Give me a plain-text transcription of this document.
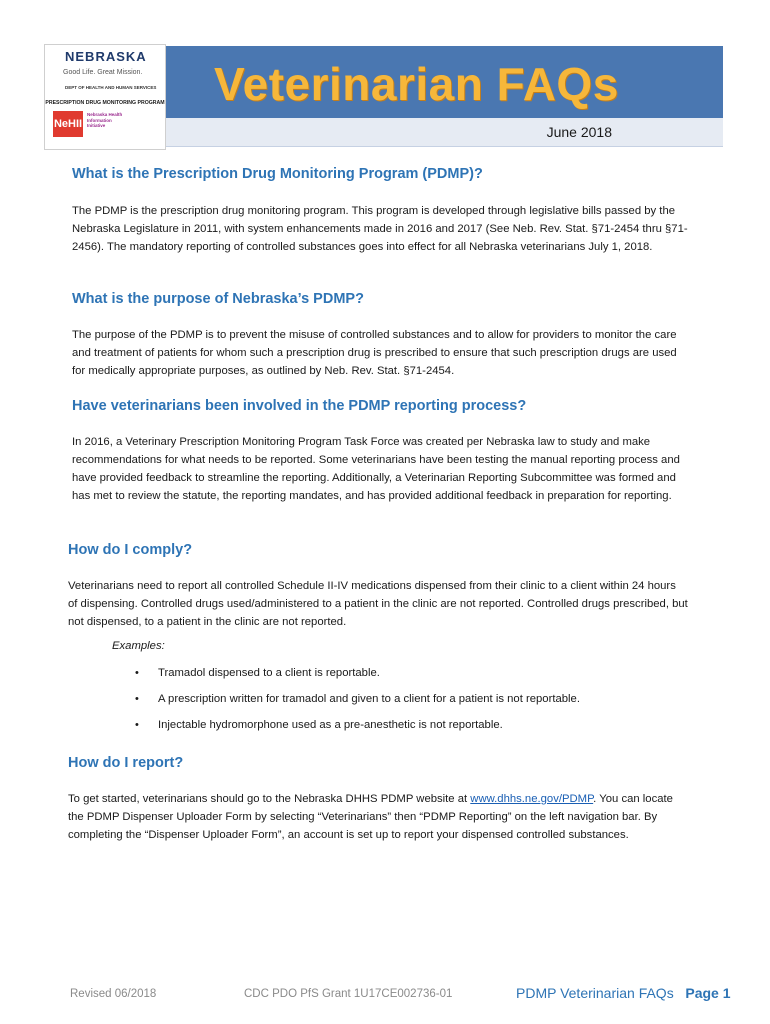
NEBRASKA
Good Life. Great Mission.
DEPT OF HEALTH AND HUMAN SERVICES
PRESCRIPTION DRUG MONITORING PROGRAM
NeHII
Nebraska Health Information Initiative
Veterinarian FAQs
June 2018
What is the Prescription Drug Monitoring Program (PDMP)?

The PDMP is the prescription drug monitoring program. This program is developed through legislative bills passed by the Nebraska Legislature in 2011, with system enhancements made in 2016 and 2017 (See Neb. Rev. Stat. §71-2454 thru §71-2456). The mandatory reporting of controlled substances goes into effect for all Nebraska veterinarians July 1, 2018.

What is the purpose of Nebraska’s PDMP?

The purpose of the PDMP is to prevent the misuse of controlled substances and to allow for providers to monitor the care and treatment of patients for whom such a prescription drug is prescribed to ensure that such prescription drugs are used for medically appropriate purposes, as outlined by Neb. Rev. Stat. §71-2454.

Have veterinarians been involved in the PDMP reporting process?

In 2016, a Veterinary Prescription Monitoring Program Task Force was created per Nebraska law to study and make recommendations for what needs to be reported. Some veterinarians have been testing the manual reporting process and have provided feedback to streamline the reporting. Additionally, a Veterinarian Reporting Subcommittee was formed and has met to review the statute, the reporting mandates, and has provided additional feedback in preparation for reporting.

How do I comply?

Veterinarians need to report all controlled Schedule II-IV medications dispensed from their clinic to a client within 24 hours of dispensing. Controlled drugs used/administered to a patient in the clinic are not reported. Controlled drugs prescribed, but not dispensed, to a patient in the clinic are not reported.

Examples:

• Tramadol dispensed to a client is reportable.
• A prescription written for tramadol and given to a client for a patient is not reportable.
• Injectable hydromorphone used as a pre-anesthetic is not reportable.
How do I report?

To get started, veterinarians should go to the Nebraska DHHS PDMP website at www.dhhs.ne.gov/PDMP. You can locate the PDMP Dispenser Uploader Form by selecting “Veterinarians” then “PDMP Reporting” on the left navigation bar. By completing the “Dispenser Uploader Form”, an account is set up to report your dispensed controlled substances.

Revised 06/2018	CDC PDO PfS Grant 1U17CE002736-01	PDMP Veterinarian FAQs Page 1
